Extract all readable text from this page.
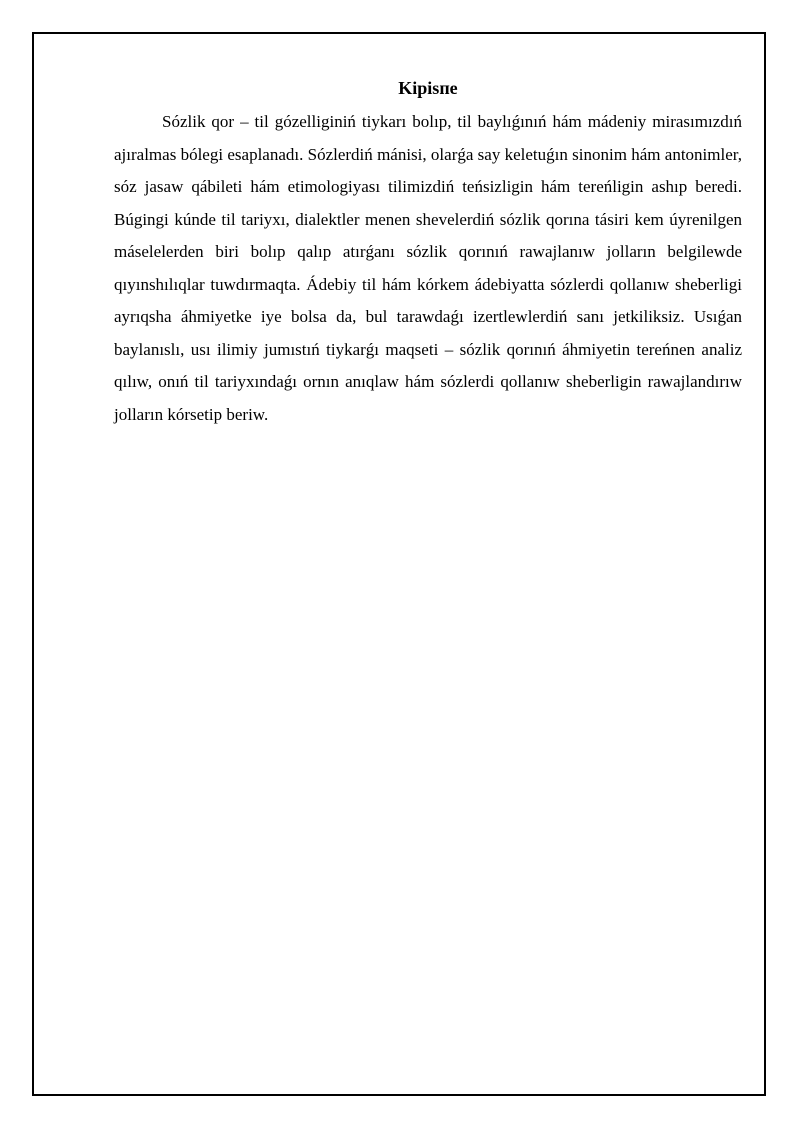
Kipisпe

Sózlik qor – til gózelliginiń tiykarı bolıp, til baylıǵınıń hám mádeniy mirasımızdıń ajıralmas bólegi esaplanadı. Sózlerdiń mánisi, olarǵa say keletuǵın sinonim hám antonimler, sóz jasaw qábileti hám etimologiyası tilimizdiń teńsizligin hám tereńligin ashıp beredi. Búgingi kúnde til tariyxı, dialektler menen shevelerdiń sózlik qorına tásiri kem úyrenilgen máselelerden biri bolıp qalıp atırǵanı sózlik qorınıń rawajlanıw jolların belgilewde qıyınshılıqlar tuwdırmaqta. Ádebiy til hám kórkem ádebiyatta sózlerdi qollanıw sheberligi ayrıqsha áhmiyetke iye bolsa da, bul tarawdaǵı izertlewlerdiń sanı jetkiliksiz. Usıǵan baylanıslı, usı ilimiy jumıstıń tiykarǵı maqseti – sózlik qorınıń áhmiyetin tereńnen analiz qılıw, onıń til tariyxındaǵı ornın anıqlaw hám sózlerdi qollanıw sheberligin rawajlandırıw jolların kórsetip beriw.
